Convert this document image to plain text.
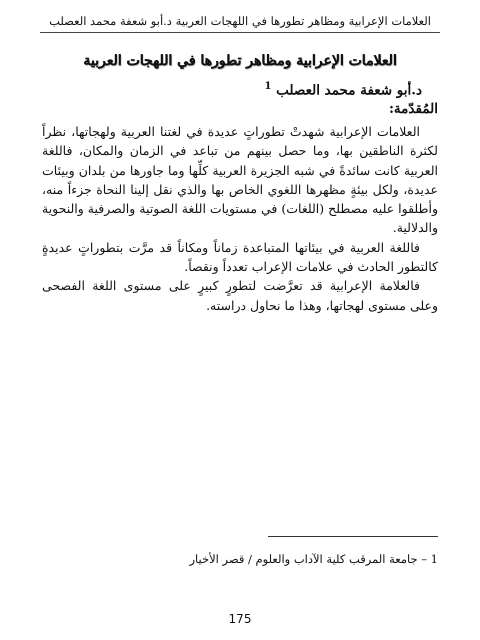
العلامات الإعرابية ومظاهر تطورها في اللهجات العربية د.أبو شعفة محمد العصلب
العلامات الإعرابية ومظاهر تطورها في اللهجات العربية
د.أبو شعفة محمد العصلب $^1$
المُقدّمة:

العلامات الإعرابية شهدتْ تطوراتٍ عديدة في لغتنا العربية ولهجاتها، نظراً لكثرة الناطقين بها، وما حصل بينهم من تباعد في الزمان والمكان، فاللغة العربية كانت سائدةً في شبه الجزيرة العربية كلِّها وما جاورها من بلدان وبيئات عديدة، ولكل بيئةٍ مظهرها اللغوي الخاص بها والذي نقل إلينا النحاة جزءاً منه، وأطلقوا عليه مصطلح (اللغات) في مستويات اللغة الصوتية والصرفية والنحوية والدلالية.

فاللغة العربية في بيئاتها المتباعدة زماناً ومكاناً قد مرَّت بتطوراتٍ عديدةٍ كالتطور الحادث في علامات الإعراب تعدداً ونقصاً.

فالعلامة الإعرابية قد تعرَّضت لتطورٍ كبيرٍ على مستوى اللغة الفصحى وعلى مستوى لهجاتها، وهذا ما نحاول دراسته.

1 – جامعة المرقب كلية الآداب والعلوم / قصر الأخيار
175
